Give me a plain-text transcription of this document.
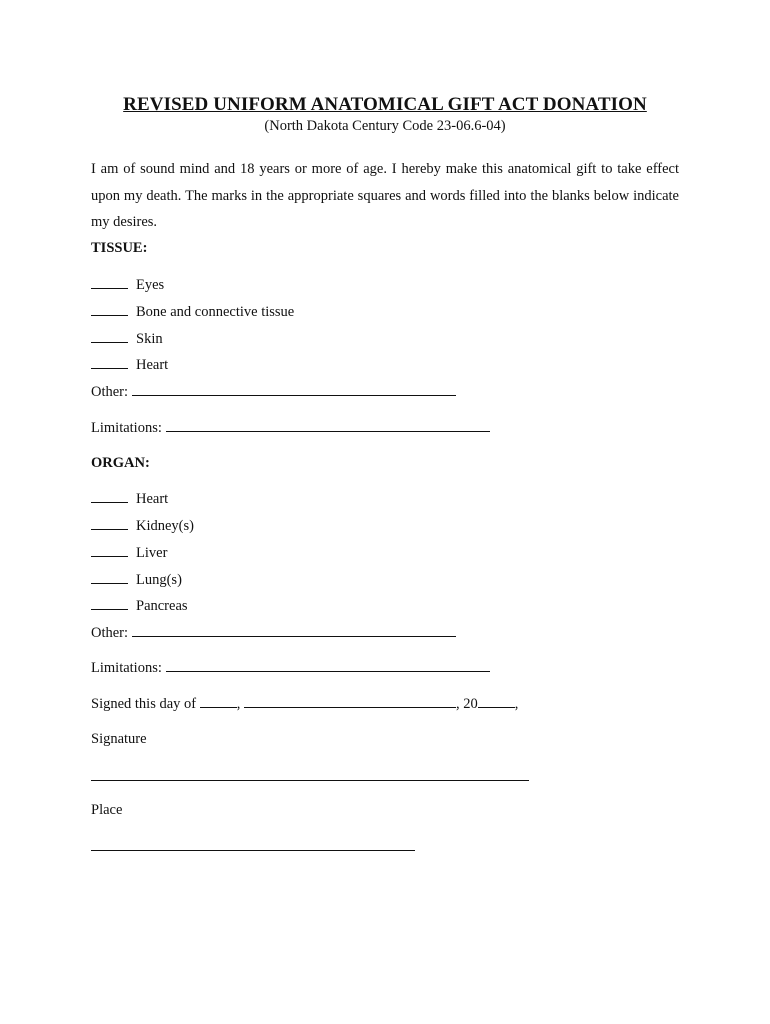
REVISED UNIFORM ANATOMICAL GIFT ACT DONATION
(North Dakota Century Code 23-06.6-04)
I am of sound mind and 18 years or more of age. I hereby make this anatomical gift to take effect upon my death. The marks in the appropriate squares and words filled into the blanks below indicate my desires.
TISSUE:
Eyes
Bone and connective tissue
Skin
Heart
Other:
Limitations:
ORGAN:
Heart
Kidney(s)
Liver
Lung(s)
Pancreas
Other:
Limitations:
Signed this day of	,	, 20	,
Signature
Place
